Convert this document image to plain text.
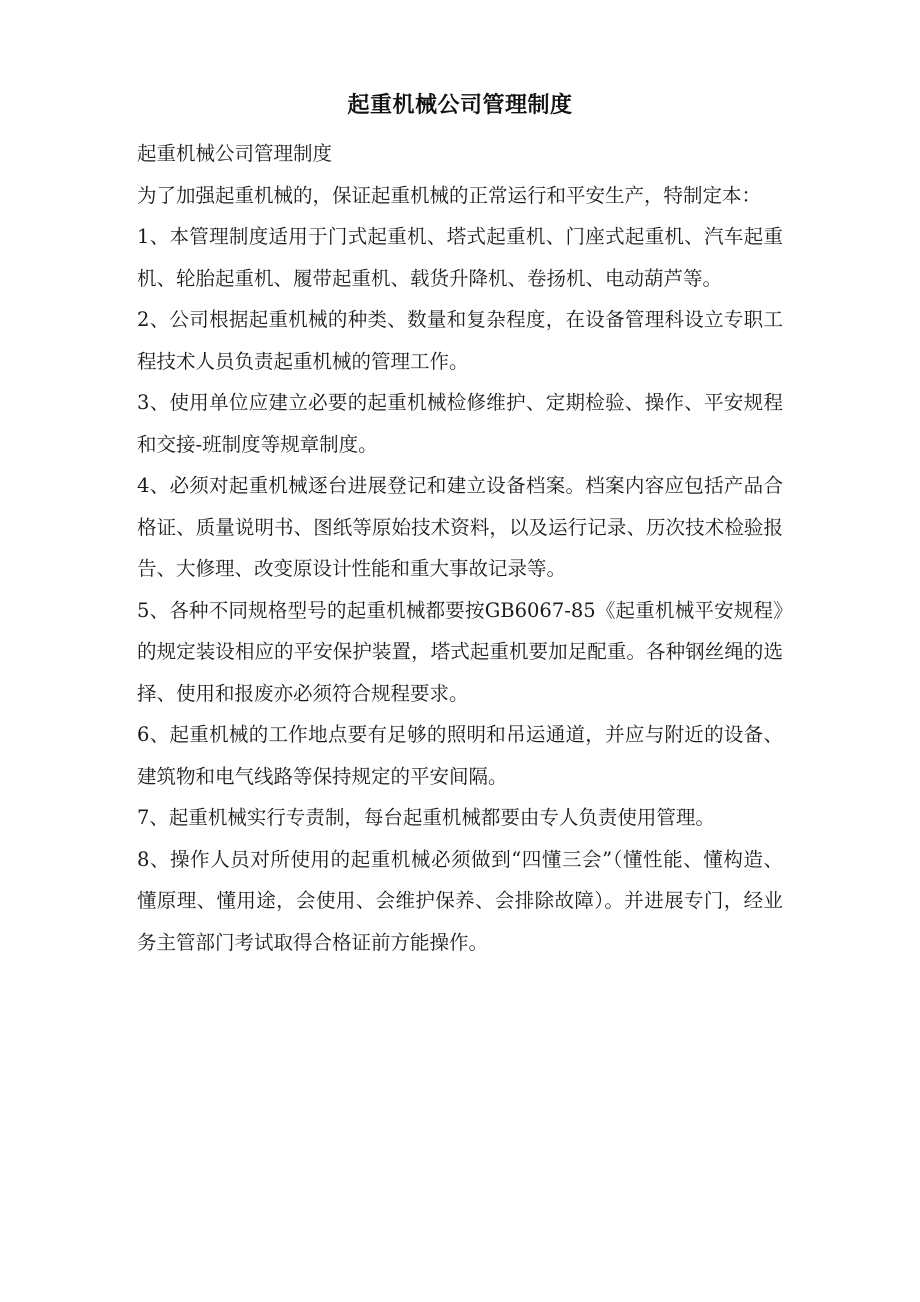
起重机械公司管理制度

起重机械公司管理制度

为了加强起重机械的，保证起重机械的正常运行和平安生产，特制定本：

1、本管理制度适用于门式起重机、塔式起重机、门座式起重机、汽车起重机、轮胎起重机、履带起重机、载货升降机、卷扬机、电动葫芦等。

2、公司根据起重机械的种类、数量和复杂程度，在设备管理科设立专职工程技术人员负责起重机械的管理工作。

3、使用单位应建立必要的起重机械检修维护、定期检验、操作、平安规程和交接-班制度等规章制度。

4、必须对起重机械逐台进展登记和建立设备档案。档案内容应包括产品合格证、质量说明书、图纸等原始技术资料，以及运行记录、历次技术检验报告、大修理、改变原设计性能和重大事故记录等。

5、各种不同规格型号的起重机械都要按GB6067-85《起重机械平安规程》的规定装设相应的平安保护装置，塔式起重机要加足配重。各种钢丝绳的选择、使用和报废亦必须符合规程要求。

6、起重机械的工作地点要有足够的照明和吊运通道，并应与附近的设备、建筑物和电气线路等保持规定的平安间隔。

7、起重机械实行专责制，每台起重机械都要由专人负责使用管理。

8、操作人员对所使用的起重机械必须做到“四懂三会”（懂性能、懂构造、懂原理、懂用途，会使用、会维护保养、会排除故障）。并进展专门，经业务主管部门考试取得合格证前方能操作。
